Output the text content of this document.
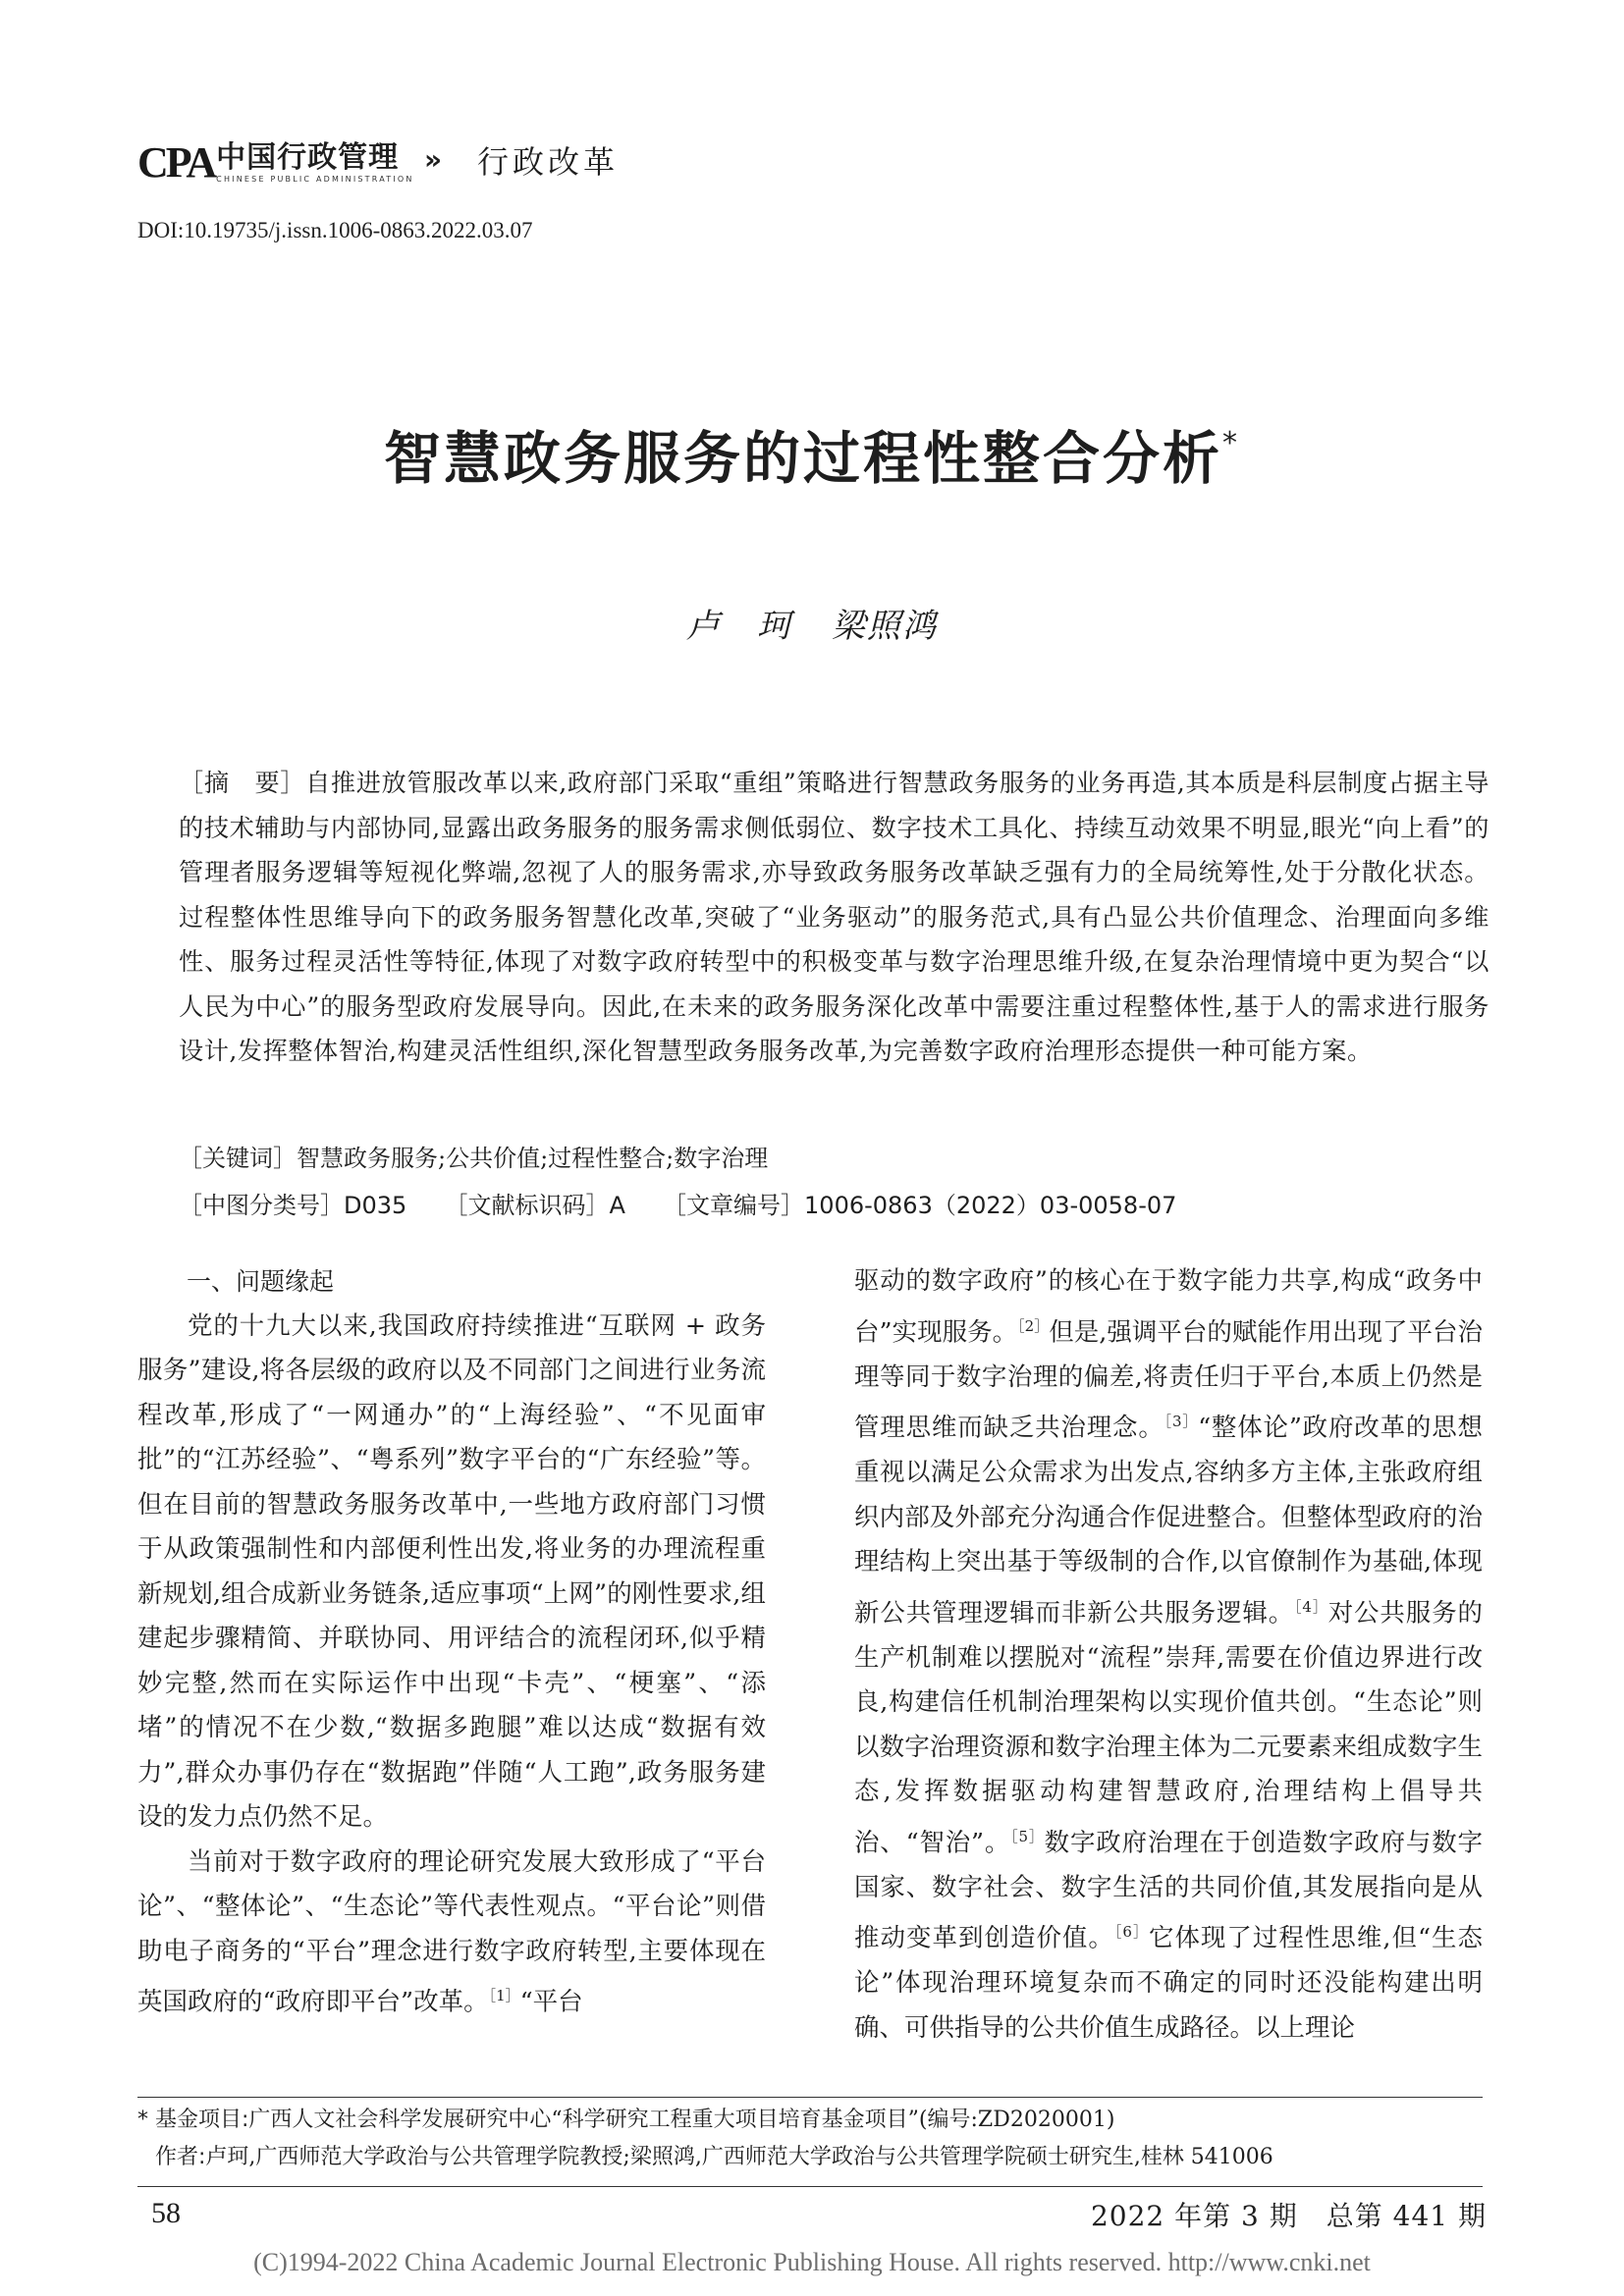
CPA 中国行政管理
CHINESE PUBLIC ADMINISTRATION
» 行政改革
DOI:10.19735/j.issn.1006-0863.2022.03.07
智慧政务服务的过程性整合分析*
卢　珂 梁照鸿
［摘　要］自推进放管服改革以来,政府部门采取“重组”策略进行智慧政务服务的业务再造,其本质是科层制度占据主导的技术辅助与内部协同,显露出政务服务的服务需求侧低弱位、数字技术工具化、持续互动效果不明显,眼光“向上看”的管理者服务逻辑等短视化弊端,忽视了人的服务需求,亦导致政务服务改革缺乏强有力的全局统筹性,处于分散化状态。过程整体性思维导向下的政务服务智慧化改革,突破了“业务驱动”的服务范式,具有凸显公共价值理念、治理面向多维性、服务过程灵活性等特征,体现了对数字政府转型中的积极变革与数字治理思维升级,在复杂治理情境中更为契合“以人民为中心”的服务型政府发展导向。因此,在未来的政务服务深化改革中需要注重过程整体性,基于人的需求进行服务设计,发挥整体智治,构建灵活性组织,深化智慧型政务服务改革,为完善数字政府治理形态提供一种可能方案。
［关键词］智慧政务服务;公共价值;过程性整合;数字治理
［中图分类号］D035 ［文献标识码］A ［文章编号］1006-0863（2022）03-0058-07

一、问题缘起

党的十九大以来,我国政府持续推进“互联网 + 政务服务”建设,将各层级的政府以及不同部门之间进行业务流程改革,形成了“一网通办”的“上海经验”、“不见面审批”的“江苏经验”、“粤系列”数字平台的“广东经验”等。但在目前的智慧政务服务改革中,一些地方政府部门习惯于从政策强制性和内部便利性出发,将业务的办理流程重新规划,组合成新业务链条,适应事项“上网”的刚性要求,组建起步骤精简、并联协同、用评结合的流程闭环,似乎精妙完整,然而在实际运作中出现“卡壳”、“梗塞”、“添堵”的情况不在少数,“数据多跑腿”难以达成“数据有效力”,群众办事仍存在“数据跑”伴随“人工跑”,政务服务建设的发力点仍然不足。

当前对于数字政府的理论研究发展大致形成了“平台论”、“整体论”、“生态论”等代表性观点。“平台论”则借助电子商务的“平台”理念进行数字政府转型,主要体现在英国政府的“政府即平台”改革。$^{[1]}$“平台

驱动的数字政府”的核心在于数字能力共享,构成“政务中台”实现服务。$^{[2]}$但是,强调平台的赋能作用出现了平台治理等同于数字治理的偏差,将责任归于平台,本质上仍然是管理思维而缺乏共治理念。$^{[3]}$“整体论”政府改革的思想重视以满足公众需求为出发点,容纳多方主体,主张政府组织内部及外部充分沟通合作促进整合。但整体型政府的治理结构上突出基于等级制的合作,以官僚制作为基础,体现新公共管理逻辑而非新公共服务逻辑。$^{[4]}$对公共服务的生产机制难以摆脱对“流程”崇拜,需要在价值边界进行改良,构建信任机制治理架构以实现价值共创。“生态论”则以数字治理资源和数字治理主体为二元要素来组成数字生态,发挥数据驱动构建智慧政府,治理结构上倡导共治、“智治”。$^{[5]}$数字政府治理在于创造数字政府与数字国家、数字社会、数字生活的共同价值,其发展指向是从推动变革到创造价值。$^{[6]}$它体现了过程性思维,但“生态论”体现治理环境复杂而不确定的同时还没能构建出明确、可供指导的公共价值生成路径。以上理论

* 基金项目:广西人文社会科学发展研究中心“科学研究工程重大项目培育基金项目”(编号:ZD2020001)
作者:卢珂,广西师范大学政治与公共管理学院教授;梁照鸿,广西师范大学政治与公共管理学院硕士研究生,桂林 541006
58	2022 年第 3 期　总第 441 期
(C)1994-2022 China Academic Journal Electronic Publishing House. All rights reserved. http://www.cnki.net
